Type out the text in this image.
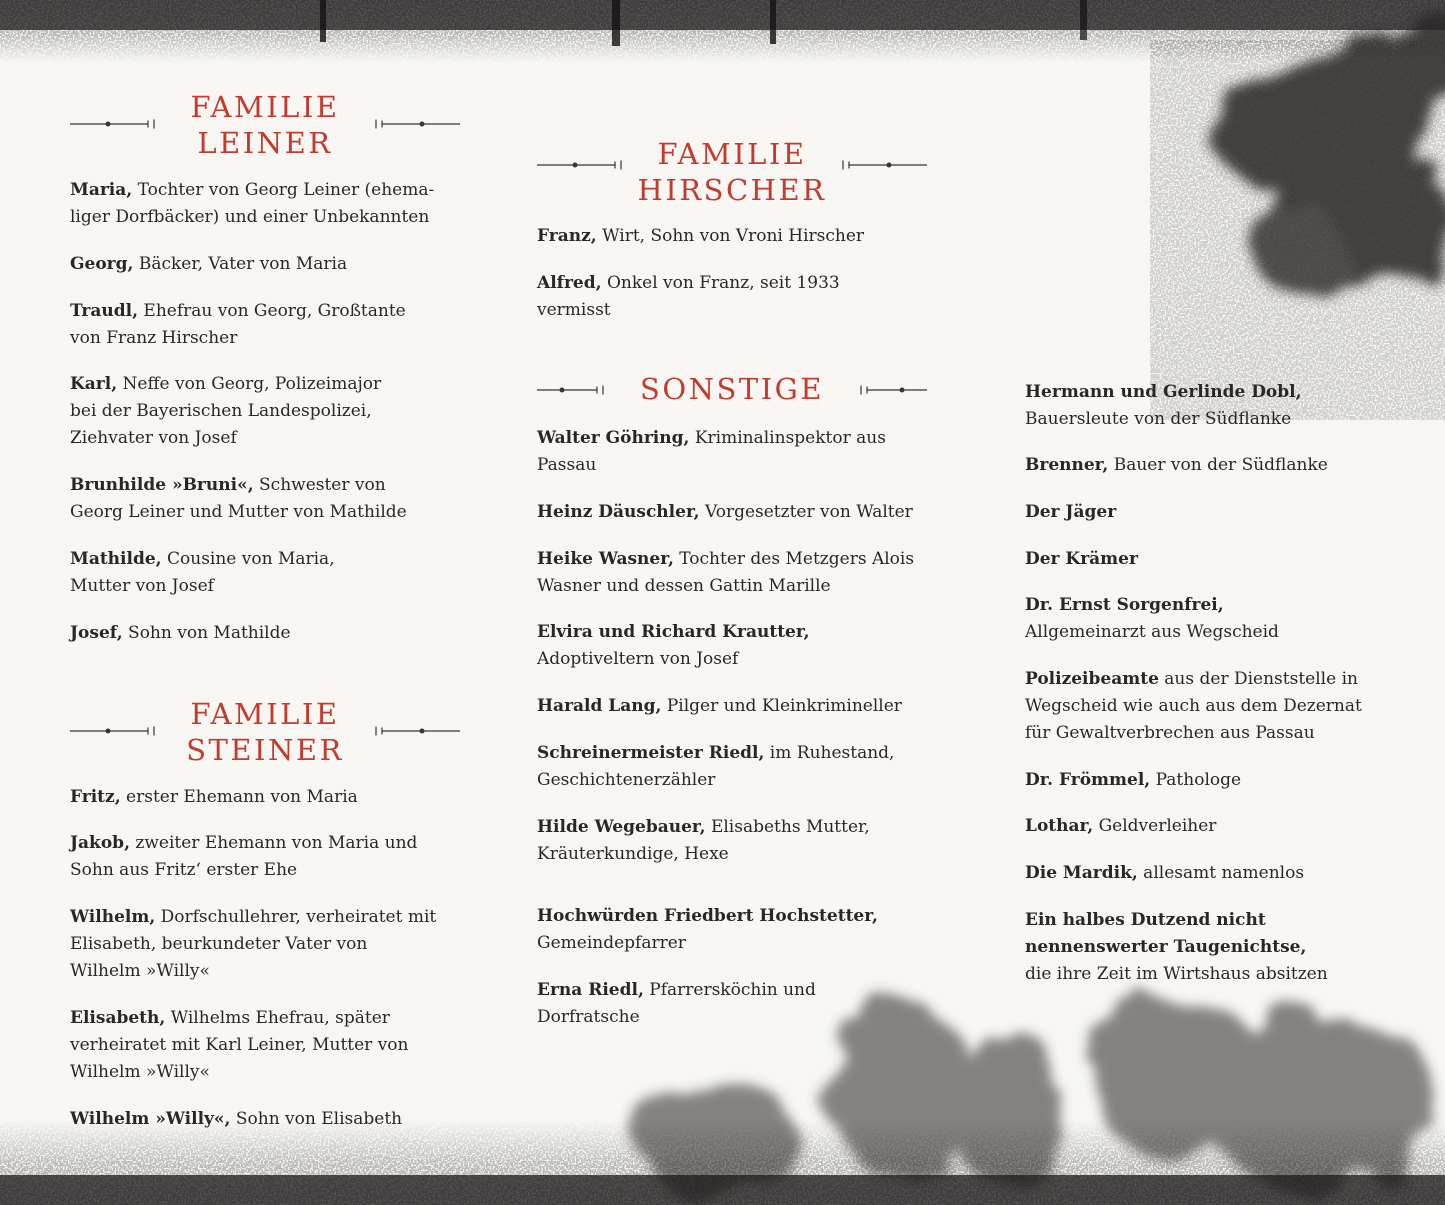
FAMILIE
LEINER

Maria, Tochter von Georg Leiner (ehema-

liger Dorfbäcker) und einer Unbekannten

Georg, Bäcker, Vater von Maria

Traudl, Ehefrau von Georg, Großtante

von Franz Hirscher

Karl, Neffe von Georg, Polizeimajor

bei der Bayerischen Landespolizei,

Ziehvater von Josef

Brunhilde »Bruni«, Schwester von

Georg Leiner und Mutter von Mathilde

Mathilde, Cousine von Maria,

Mutter von Josef

Josef, Sohn von Mathilde

FAMILIE
STEINER

Fritz, erster Ehemann von Maria

Jakob, zweiter Ehemann von Maria und

Sohn aus Fritz‘ erster Ehe

Wilhelm, Dorfschullehrer, verheiratet mit

Elisabeth, beurkundeter Vater von

Wilhelm »Willy«

Elisabeth, Wilhelms Ehefrau, später

verheiratet mit Karl Leiner, Mutter von

Wilhelm »Willy«

Wilhelm »Willy«, Sohn von Elisabeth

FAMILIE
HIRSCHER

Franz, Wirt, Sohn von Vroni Hirscher

Alfred, Onkel von Franz, seit 1933

vermisst

SONSTIGE

Walter Göhring, Kriminalinspektor aus

Passau

Heinz Däuschler, Vorgesetzter von Walter

Heike Wasner, Tochter des Metzgers Alois

Wasner und dessen Gattin Marille

Elvira und Richard Krautter,

Adoptiveltern von Josef

Harald Lang, Pilger und Kleinkrimineller

Schreinermeister Riedl, im Ruhestand,

Geschichtenerzähler

Hilde Wegebauer, Elisabeths Mutter,

Kräuterkundige, Hexe

Hochwürden Friedbert Hochstetter,

Gemeindepfarrer

Erna Riedl, Pfarrersköchin und

Dorfratsche

Hermann und Gerlinde Dobl,

Bauersleute von der Südflanke

Brenner, Bauer von der Südflanke

Der Jäger

Der Krämer

Dr. Ernst Sorgenfrei,

Allgemeinarzt aus Wegscheid

Polizeibeamte aus der Dienststelle in

Wegscheid wie auch aus dem Dezernat

für Gewaltverbrechen aus Passau

Dr. Frömmel, Pathologe

Lothar, Geldverleiher

Die Mardik, allesamt namenlos

Ein halbes Dutzend nicht

nennenswerter Taugenichtse,

die ihre Zeit im Wirtshaus absitzen
